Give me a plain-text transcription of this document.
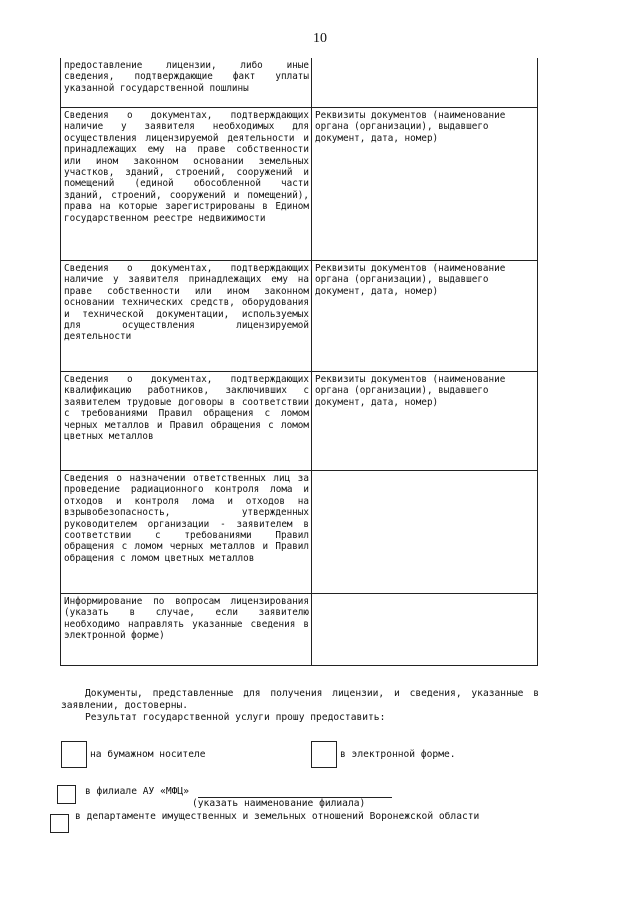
10
предоставление лицензии, либо иные сведения, подтверждающие факт уплаты указанной государственной пошлины	
Сведения о документах, подтверждающих наличие у заявителя необходимых для осуществления лицензируемой деятельности и принадлежащих ему на праве собственности или ином законном основании земельных участков, зданий, строений, сооружений и помещений (единой обособленной части зданий, строений, сооружений и помещений), права на которые зарегистрированы в Едином государственном реестре недвижимости	Реквизиты документов (наименование органа (организации), выдавшего документ, дата, номер)
Сведения о документах, подтверждающих наличие у заявителя принадлежащих ему на праве собственности или ином законном основании технических средств, оборудования и технической документации, используемых для осуществления лицензируемой деятельности	Реквизиты документов (наименование органа (организации), выдавшего документ, дата, номер)
Сведения о документах, подтверждающих квалификацию работников, заключивших с заявителем трудовые договоры в соответствии с требованиями Правил обращения с ломом черных металлов и Правил обращения с ломом цветных металлов	Реквизиты документов (наименование органа (организации), выдавшего документ, дата, номер)
Сведения о назначении ответственных лиц за проведение радиационного контроля лома и отходов и контроля лома и отходов на взрывобезопасность, утвержденных руководителем организации - заявителем в соответствии с требованиями Правил обращения с ломом черных металлов и Правил обращения с ломом цветных металлов	
Информирование по вопросам лицензирования (указать в случае, если заявителю необходимо направлять указанные сведения в электронной форме)	
Документы, представленные для получения лицензии, и сведения, указанные в заявлении, достоверны.
Результат государственной услуги прошу предоставить:
на бумажном носителе	в электронной форме.
в филиале АУ «МФЦ»
(указать наименование филиала)
в департаменте имущественных и земельных отношений Воронежской области
